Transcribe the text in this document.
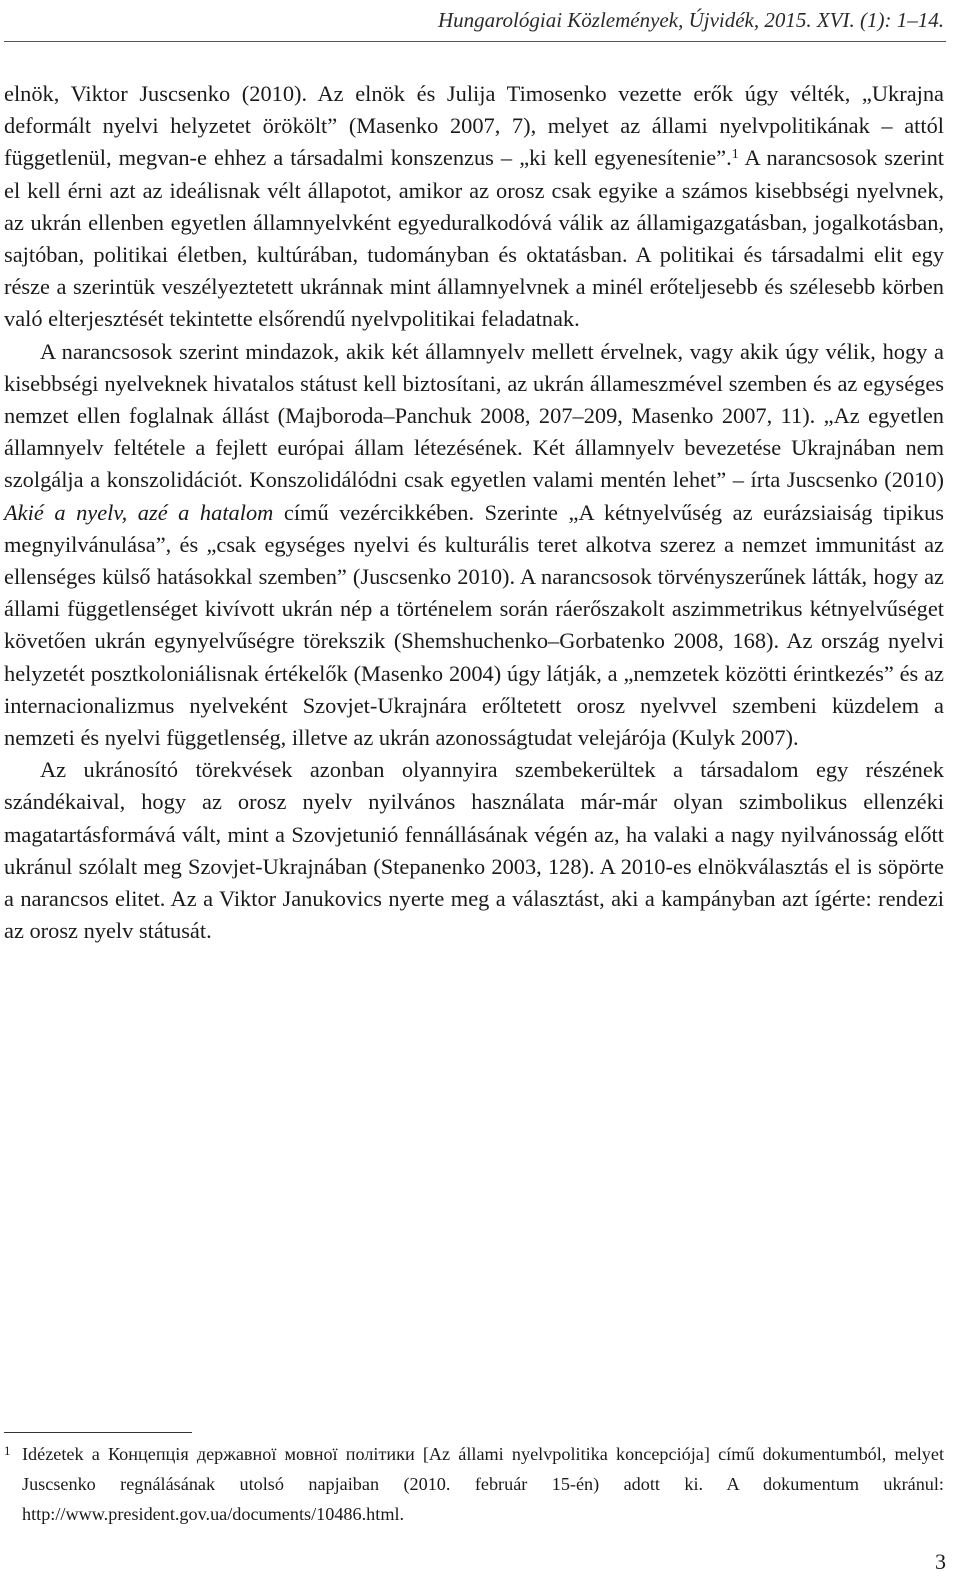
Hungarológiai Közlemények, Újvidék, 2015. XVI. (1): 1–14.

elnök, Viktor Juscsenko (2010). Az elnök és Julija Timosenko vezette erők úgy vélték, „Ukrajna deformált nyelvi helyzetet örökölt” (Masenko 2007, 7), melyet az állami nyelvpolitikának – attól függetlenül, megvan-e ehhez a társadalmi konszenzus – „ki kell egyenesítenie”.$^1$ A narancsosok szerint el kell érni azt az ideálisnak vélt állapotot, amikor az orosz csak egyike a számos kisebbségi nyelvnek, az ukrán ellenben egyetlen államnyelvként egyeduralkodóvá válik az államigazgatásban, jogalkotásban, sajtóban, politikai életben, kultúrában, tudományban és oktatásban. A politikai és társadalmi elit egy része a szerintük veszélyeztetett ukránnak mint államnyelvnek a minél erőteljesebb és szélesebb körben való elterjesztését tekintette elsőrendű nyelvpolitikai feladatnak.

A narancsosok szerint mindazok, akik két államnyelv mellett érvelnek, vagy akik úgy vélik, hogy a kisebbségi nyelveknek hivatalos státust kell biztosítani, az ukrán állameszmével szemben és az egységes nemzet ellen foglalnak állást (Majboroda–Panchuk 2008, 207–209, Masenko 2007, 11). „Az egyetlen államnyelv feltétele a fejlett európai állam létezésének. Két államnyelv bevezetése Ukrajnában nem szolgálja a konszolidációt. Konszolidálódni csak egyetlen valami mentén lehet” – írta Juscsenko (2010) Akié a nyelv, azé a hatalom című vezércikkében. Szerinte „A kétnyelvűség az eurázsiaiság tipikus megnyilvánulása”, és „csak egységes nyelvi és kulturális teret alkotva szerez a nemzet immunitást az ellenséges külső hatásokkal szemben” (Juscsenko 2010). A narancsosok törvényszerűnek látták, hogy az állami függetlenséget kivívott ukrán nép a történelem során ráerőszakolt aszimmetrikus kétnyelvűséget követően ukrán egynyelvűségre törekszik (Shemshuchenko–Gorbatenko 2008, 168). Az ország nyelvi helyzetét posztkoloniálisnak értékelők (Masenko 2004) úgy látják, a „nemzetek közötti érintkezés” és az internacionalizmus nyelveként Szovjet-Ukrajnára erőltetett orosz nyelvvel szembeni küzdelem a nemzeti és nyelvi függetlenség, illetve az ukrán azonosságtudat velejárója (Kulyk 2007).

Az ukránosító törekvések azonban olyannyira szembekerültek a társadalom egy részének szándékaival, hogy az orosz nyelv nyilvános használata már-már olyan szimbolikus ellenzéki magatartásformává vált, mint a Szovjetunió fennállásának végén az, ha valaki a nagy nyilvánosság előtt ukránul szólalt meg Szovjet-Ukrajnában (Stepanenko 2003, 128). A 2010-es elnökválasztás el is söpörte a narancsos elitet. Az a Viktor Janukovics nyerte meg a választást, aki a kampányban azt ígérte: rendezi az orosz nyelv státusát.

1 Idézetek a Концепція державної мовної політики [Az állami nyelvpolitika koncepciója] című dokumentumból, melyet Juscsenko regnálásának utolsó napjaiban (2010. február 15-én) adott ki. A dokumentum ukránul: http://www.president.gov.ua/documents/10486.html.
3
